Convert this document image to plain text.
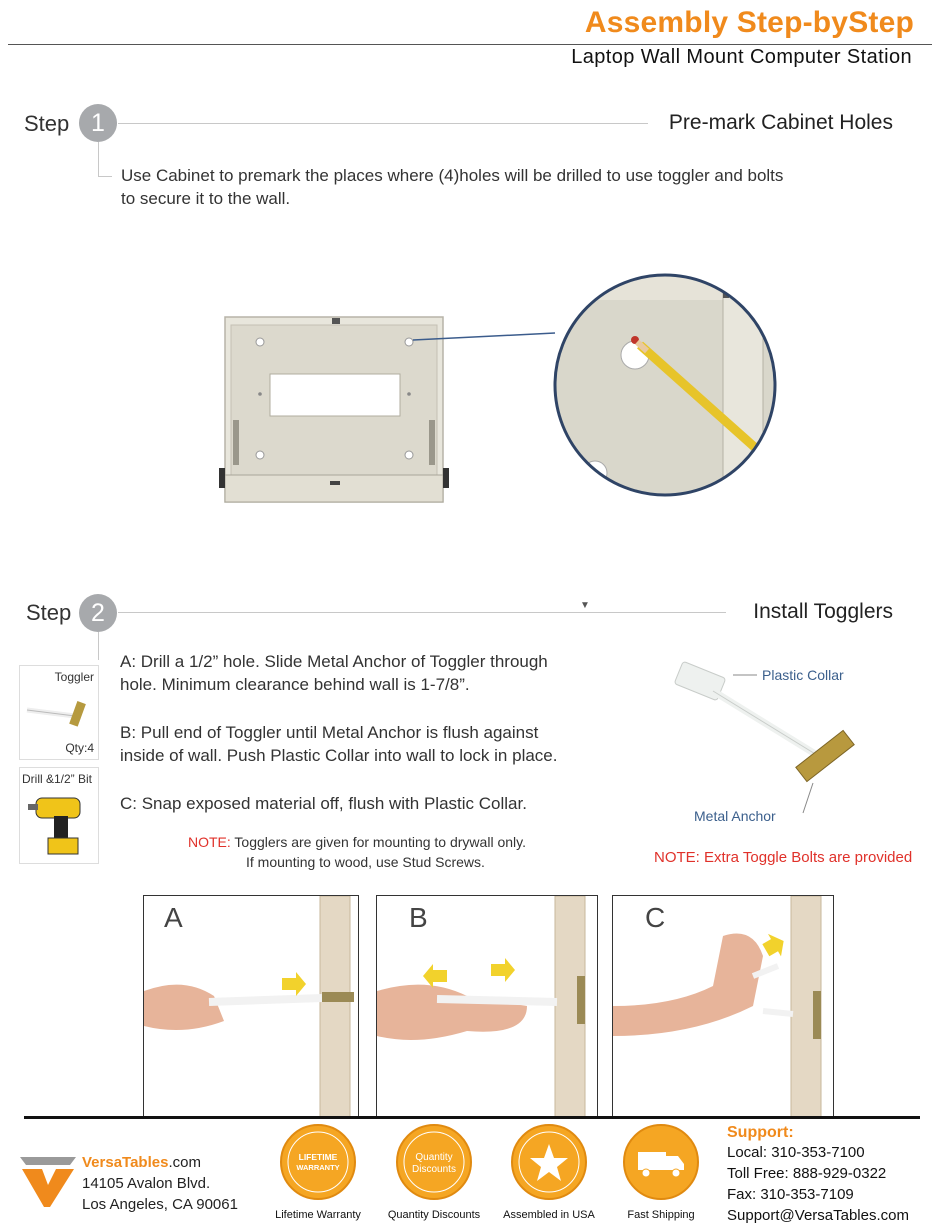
Assembly Step-byStep
Laptop Wall Mount Computer Station
Step 1	Pre-mark Cabinet Holes
Use Cabinet to premark the places where (4)holes will be drilled to use toggler and bolts
to secure it to the wall.
Step 2	▼	Install Togglers
Toggler
Qty:4
Drill &1/2” Bit
A: Drill a 1/2” hole. Slide Metal Anchor of Toggler through
hole. Minimum clearance behind wall is 1-7/8”.
B: Pull end of Toggler until Metal Anchor is flush against
inside of wall. Push Plastic Collar into wall to lock in place.
C: Snap exposed material off, flush with Plastic Collar.
NOTE: Togglers are given for mounting to drywall only.
If mounting to wood, use Stud Screws.
Plastic Collar
Metal Anchor
NOTE: Extra Toggle Bolts are provided
A	B	C
VersaTables.com
14105 Avalon Blvd.
Los Angeles, CA 90061
LIFETIME
WARRANTY
Lifetime Warranty
Quantity
Discounts
Quantity Discounts	Assembled in USA	Fast Shipping
Support:
Local: 310-353-7100
Toll Free: 888-929-0322
Fax: 310-353-7109
Support@VersaTables.com
